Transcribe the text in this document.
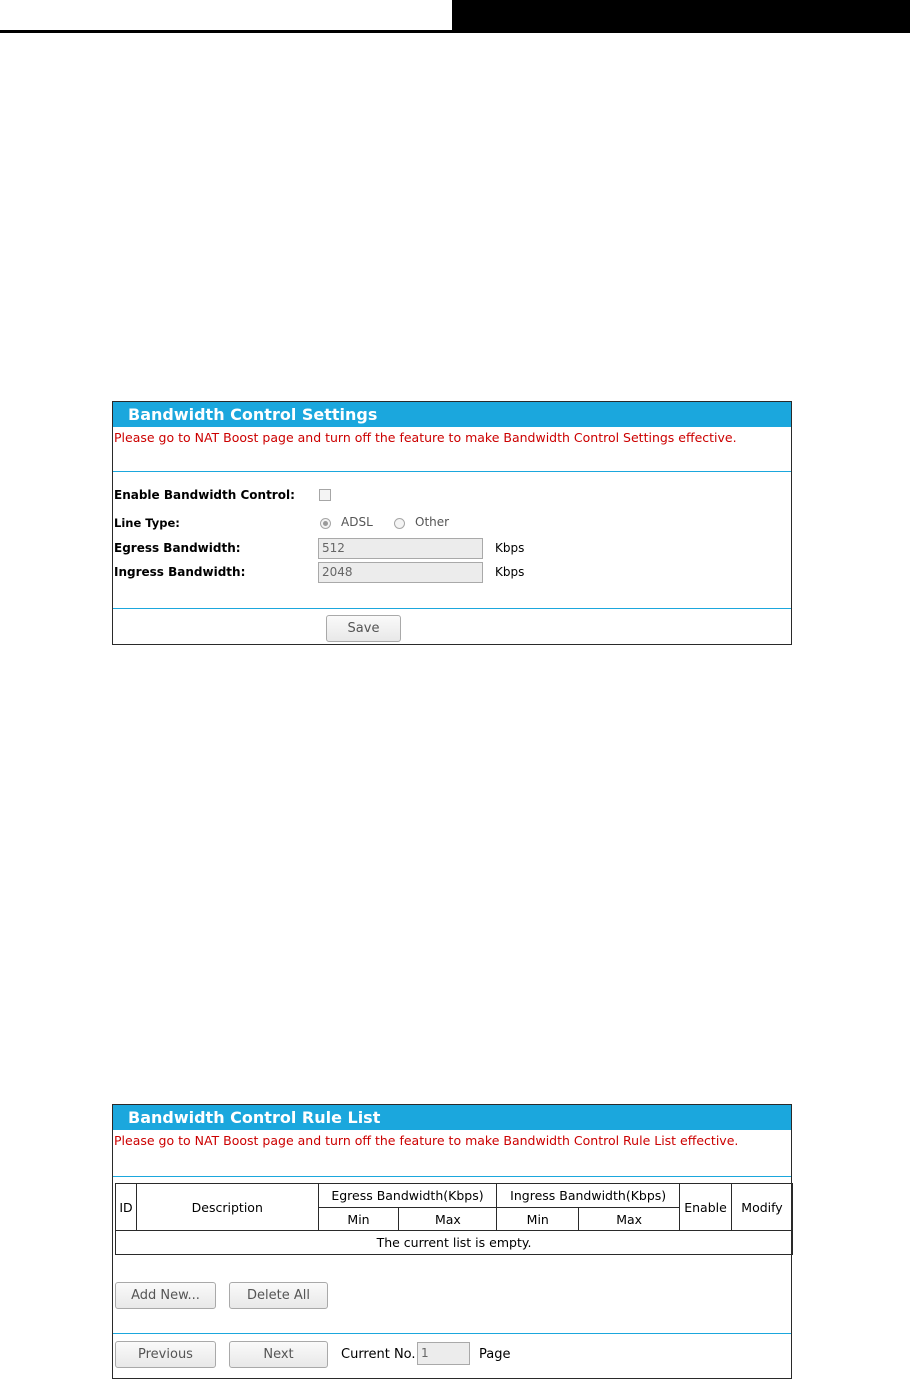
Bandwidth Control Settings
Please go to NAT Boost page and turn off the feature to make Bandwidth Control Settings effective.
Enable Bandwidth Control:
Line Type:	ADSL	Other
Egress Bandwidth:	512	Kbps
Ingress Bandwidth:	2048	Kbps
Save
Bandwidth Control Rule List
Please go to NAT Boost page and turn off the feature to make Bandwidth Control Rule List effective.
ID	Description	Egress Bandwidth(Kbps)		Ingress Bandwidth(Kbps)		Enable	Modify
		Min	Max	Min	Max		
The current list is empty.							
Add New...	Delete All
Previous	Next	Current No. 1	Page
